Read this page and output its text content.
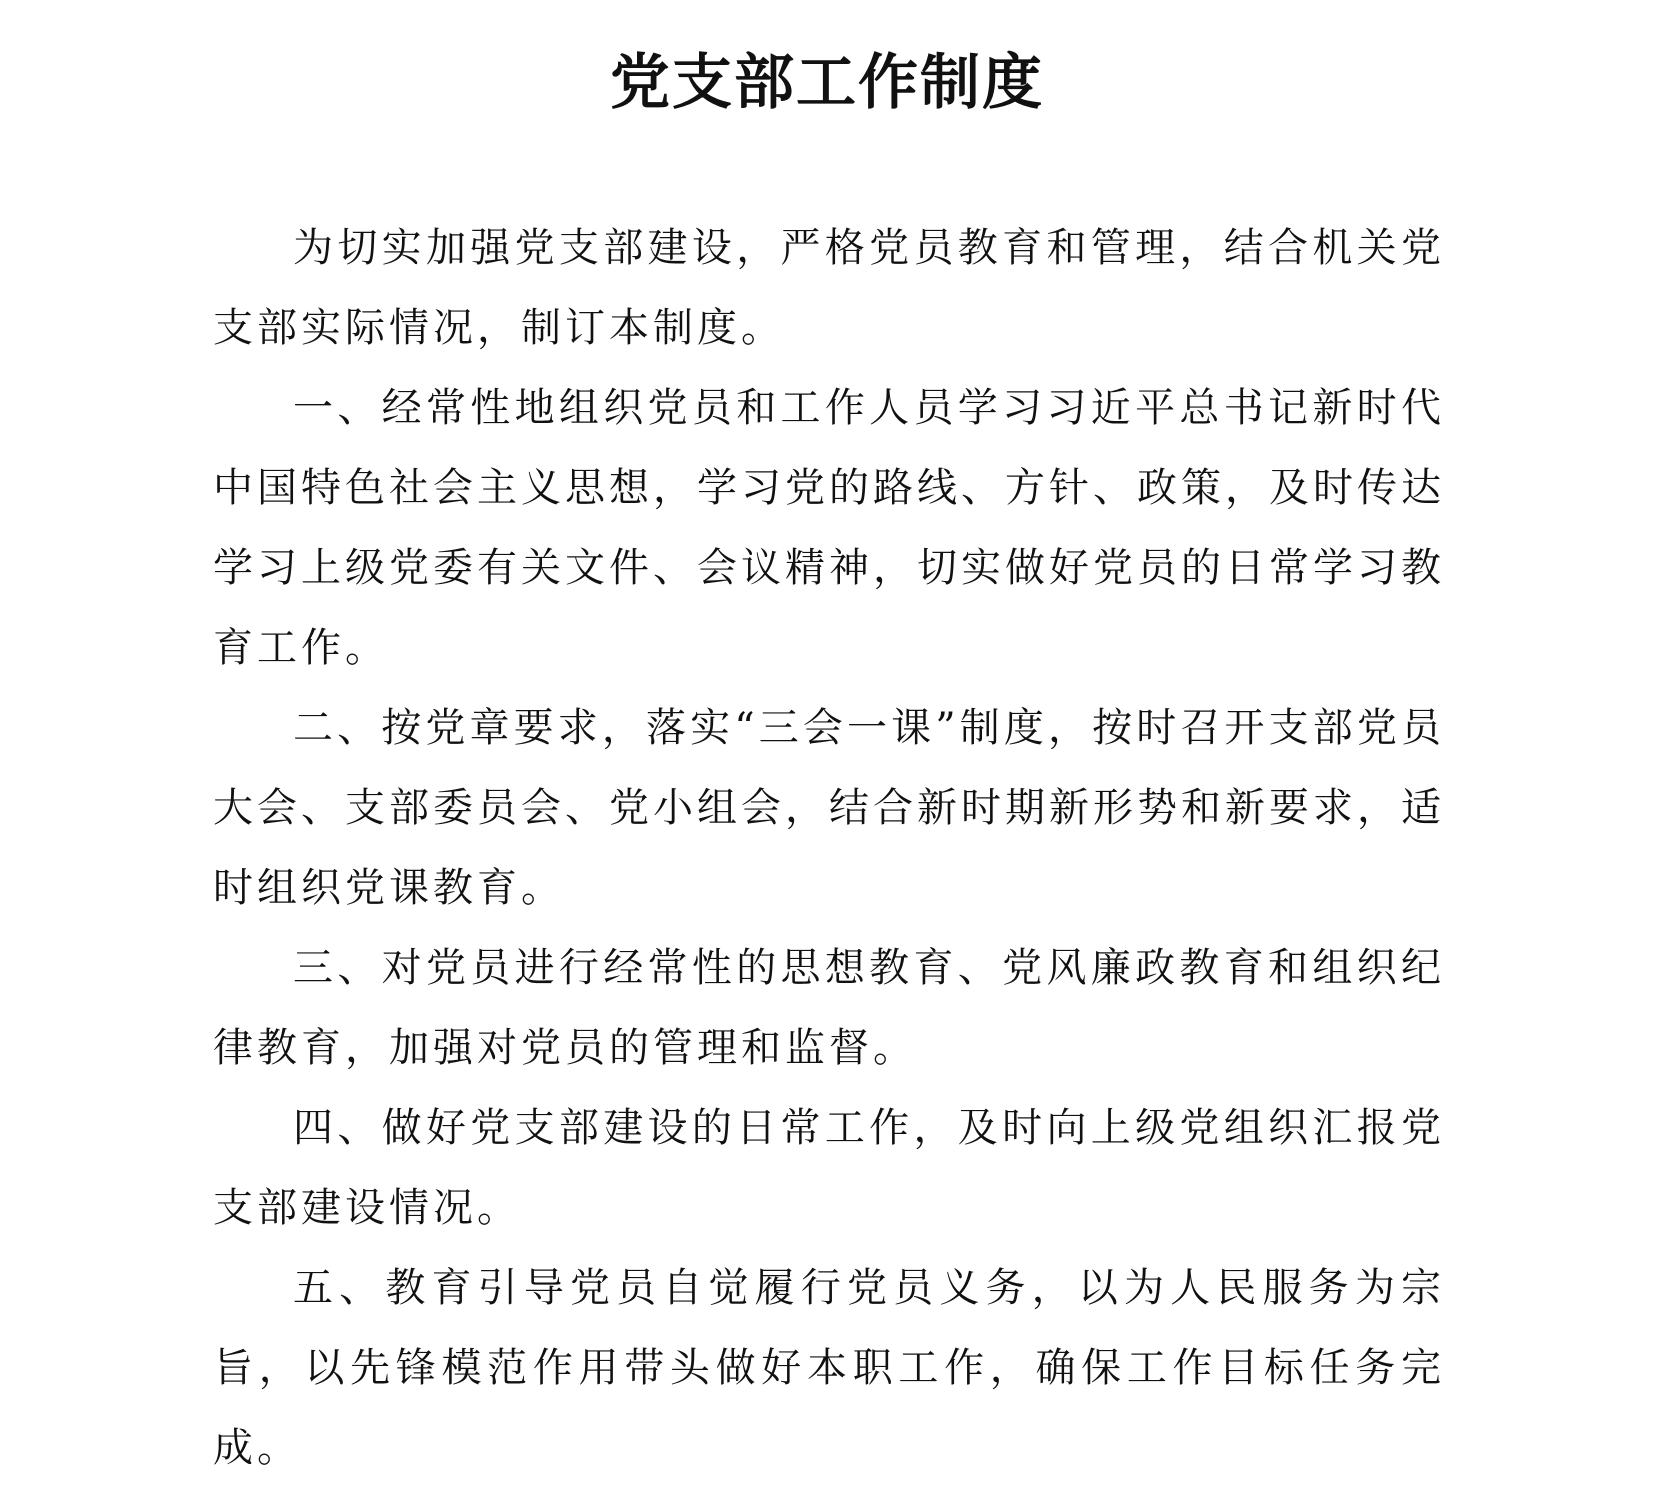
党支部工作制度

为切实加强党支部建设，严格党员教育和管理，结合机关党支部实际情况，制订本制度。

一、经常性地组织党员和工作人员学习习近平总书记新时代中国特色社会主义思想，学习党的路线、方针、政策，及时传达学习上级党委有关文件、会议精神，切实做好党员的日常学习教育工作。

二、按党章要求，落实“三会一课”制度，按时召开支部党员大会、支部委员会、党小组会，结合新时期新形势和新要求，适时组织党课教育。

三、对党员进行经常性的思想教育、党风廉政教育和组织纪律教育，加强对党员的管理和监督。

四、做好党支部建设的日常工作，及时向上级党组织汇报党支部建设情况。

五、教育引导党员自觉履行党员义务，以为人民服务为宗旨，以先锋模范作用带头做好本职工作，确保工作目标任务完成。
